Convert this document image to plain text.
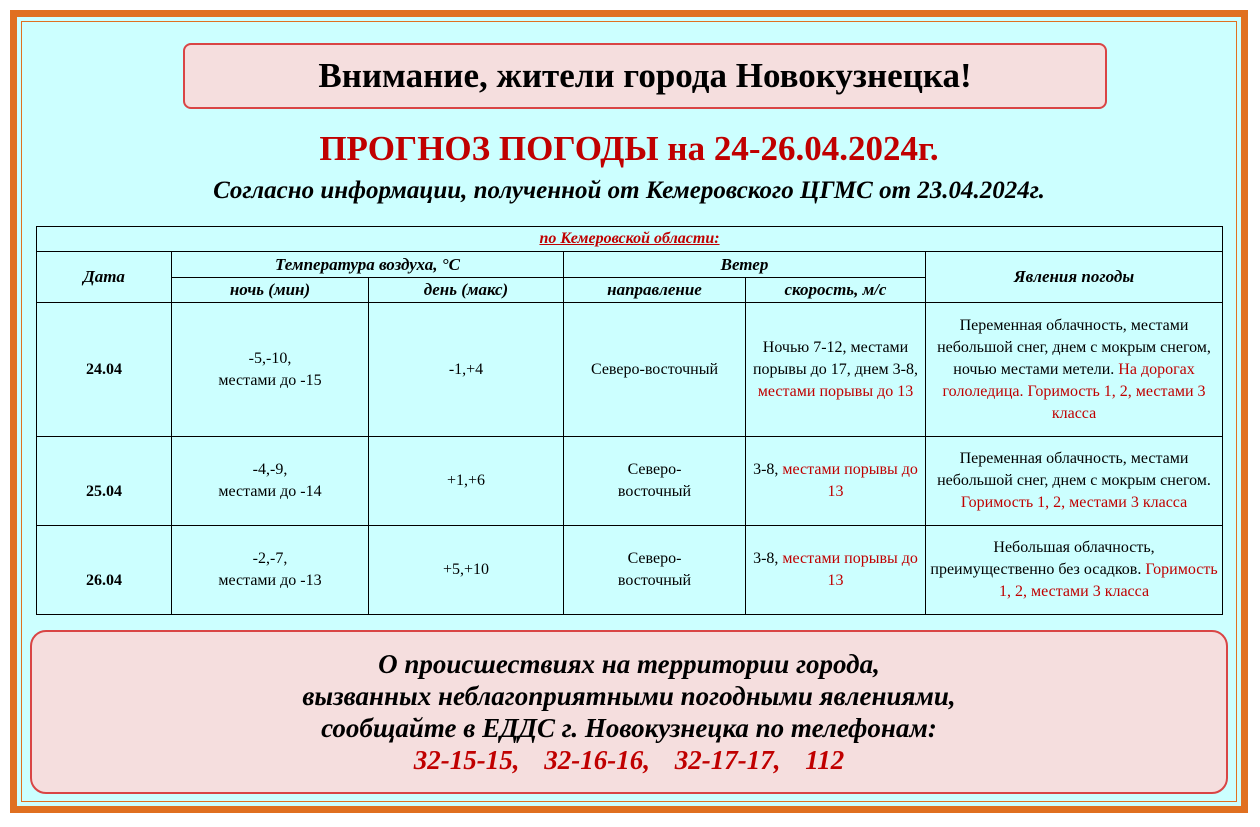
Внимание, жители города Новокузнецка!
ПРОГНОЗ ПОГОДЫ на 24-26.04.2024г.
Согласно информации, полученной от Кемеровского ЦГМС от 23.04.2024г.
по Кемеровской области:					
Дата	Температура воздуха, °С		Ветер		Явления погоды
	ночь (мин)	день (макс)	направление	скорость, м/с	
24.04	-5,-10,
местами до -15	-1,+4	Северо-восточный	Ночью 7-12, местами порывы до 17, днем 3-8, местами порывы до 13	Переменная облачность, местами небольшой снег, днем с мокрым снегом, ночью местами метели. На дорогах гололедица. Горимость 1, 2, местами 3 класса
25.04	-4,-9,
местами до -14	+1,+6	Северо-
восточный	3-8, местами порывы до 13	Переменная облачность, местами небольшой снег, днем с мокрым снегом. Горимость 1, 2, местами 3 класса
26.04	-2,-7,
местами до -13	+5,+10	Северо-
восточный	3-8, местами порывы до 13	Небольшая облачность, преимущественно без осадков. Горимость 1, 2, местами 3 класса
О происшествиях на территории города,
вызванных неблагоприятными погодными явлениями,
сообщайте в ЕДДС г. Новокузнецка по телефонам:
32-15-15, 32-16-16, 32-17-17, 112
